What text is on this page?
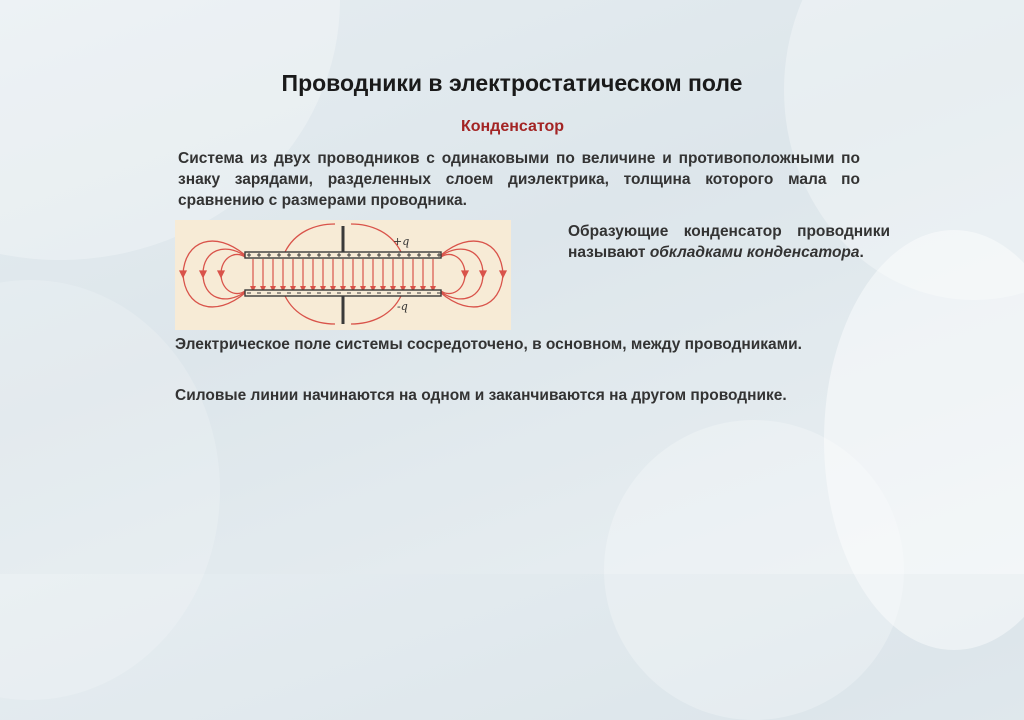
Проводники в электростатическом поле
Конденсатор
Система из двух проводников с одинаковыми по величине и противоположными по знаку зарядами, разделенных слоем диэлектрика, толщина которого мала по сравнению с размерами проводника.
+q
-q
Образующие конденсатор проводники называют обкладками конденсатора.
Электрическое поле системы сосредоточено, в основном, между проводниками.
Силовые линии начинаются на одном и заканчиваются на другом проводнике.
